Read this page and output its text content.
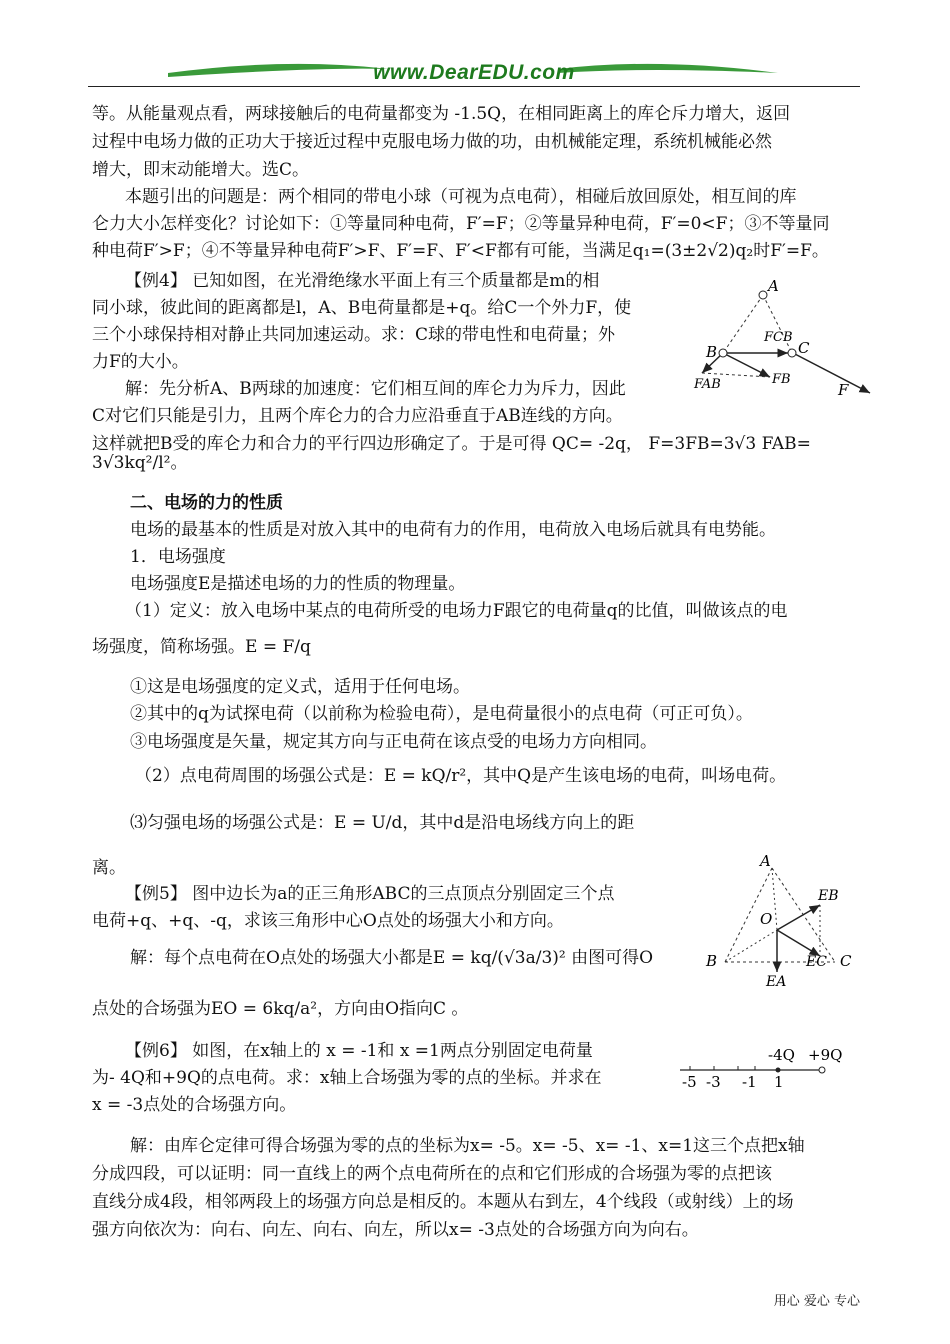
www.DearEDU.com
等。从能量观点看，两球接触后的电荷量都变为 -1.5Q，在相同距离上的库仑斥力增大，返回
过程中电场力做的正功大于接近过程中克服电场力做的功，由机械能定理，系统机械能必然
增大，即末动能增大。选C。
本题引出的问题是：两个相同的带电小球（可视为点电荷），相碰后放回原处，相互间的库
仑力大小怎样变化？讨论如下：①等量同种电荷，F′=F；②等量异种电荷，F′=0<F；③不等量同
种电荷F′>F；④不等量异种电荷F′>F、F′=F、F′<F都有可能，当满足q₁=(3±2√2)q₂时F′=F。
【例4】 已知如图，在光滑绝缘水平面上有三个质量都是m的相
同小球，彼此间的距离都是l，A、B电荷量都是+q。给C一个外力F，使
三个小球保持相对静止共同加速运动。求：C球的带电性和电荷量；外
力F的大小。
解：先分析A、B两球的加速度：它们相互间的库仑力为斥力，因此
C对它们只能是引力，且两个库仑力的合力应沿垂直于AB连线的方向。
这样就把B受的库仑力和合力的平行四边形确定了。于是可得 QC= -2q， F=3FB=3√3 FAB=
3√3kq²/l²。
二、电场的力的性质
电场的最基本的性质是对放入其中的电荷有力的作用，电荷放入电场后就具有电势能。
1．电场强度
电场强度E是描述电场的力的性质的物理量。
（1）定义：放入电场中某点的电荷所受的电场力F跟它的电荷量q的比值，叫做该点的电
场强度，简称场强。E = F/q
①这是电场强度的定义式，适用于任何电场。
②其中的q为试探电荷（以前称为检验电荷），是电荷量很小的点电荷（可正可负）。
③电场强度是矢量，规定其方向与正电荷在该点受的电场力方向相同。
（2）点电荷周围的场强公式是：E = kQ/r²，其中Q是产生该电场的电荷，叫场电荷。
⑶匀强电场的场强公式是：E = U/d，其中d是沿电场线方向上的距
离。
【例5】 图中边长为a的正三角形ABC的三点顶点分别固定三个点
电荷+q、+q、-q，求该三角形中心O点处的场强大小和方向。
解：每个点电荷在O点处的场强大小都是E = kq/(√3a/3)² 由图可得O
点处的合场强为EO = 6kq/a²，方向由O指向C 。
【例6】 如图，在x轴上的 x = -1和 x =1两点分别固定电荷量
为- 4Q和+9Q的点电荷。求：x轴上合场强为零的点的坐标。并求在
x = -3点处的合场强方向。
解：由库仑定律可得合场强为零的点的坐标为x= -5。x= -5、x= -1、x=1这三个点把x轴
分成四段，可以证明：同一直线上的两个点电荷所在的点和它们形成的合场强为零的点把该
直线分成4段，相邻两段上的场强方向总是相反的。本题从右到左，4个线段（或射线）上的场
强方向依次为：向右、向左、向右、向左，所以x= -3点处的合场强方向为向右。
A
B	C
FCB
FAB	FB
F
A
B	C
O
EB
EC
EA
-4Q +9Q
-5 -3 -1 1
用心 爱心 专心
